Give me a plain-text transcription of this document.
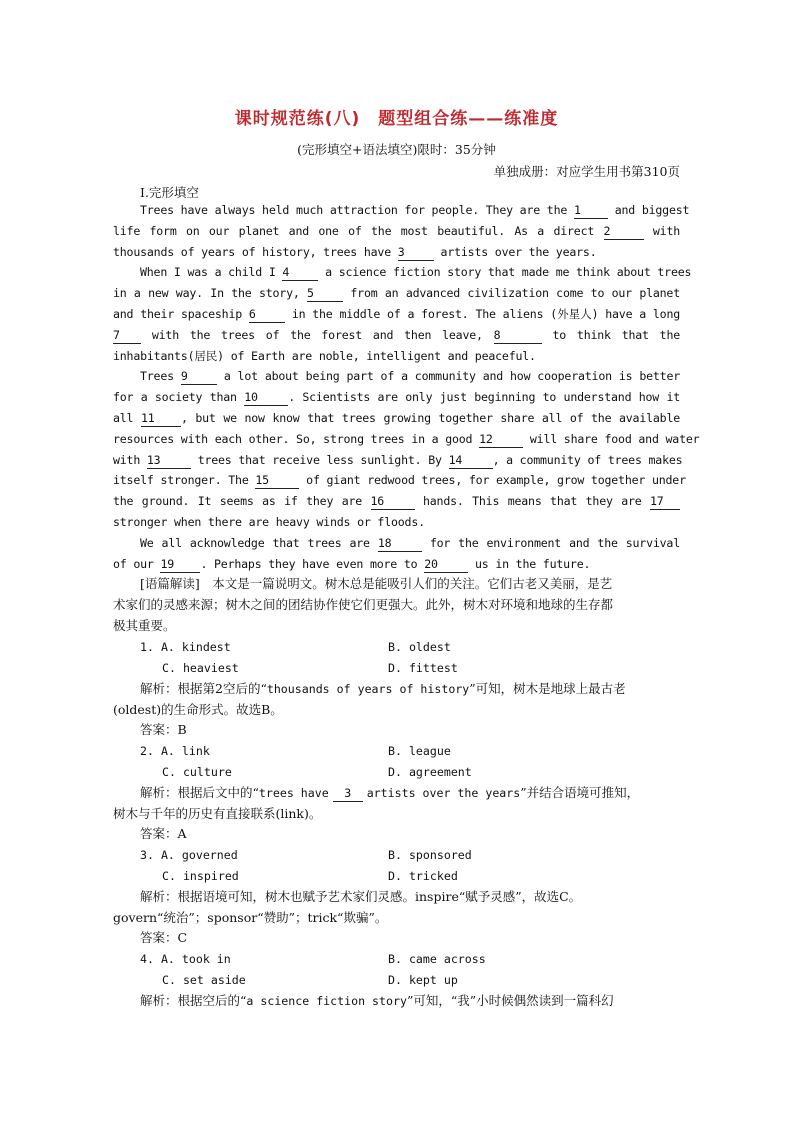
课时规范练(八)　题型组合练——练准度
(完形填空+语法填空)限时：35分钟
单独成册：对应学生用书第310页
Ⅰ.完形填空
Trees have always held much attraction for people. They are the 1	and biggest
life form on our planet and one of the most beautiful. As a direct 2	with
thousands of years of history, trees have 3	artists over the years.
When I was a child I 4	a science fiction story that made me think about trees
in a new way. In the story, 5	from an advanced civilization come to our planet
and their spaceship 6	in the middle of a forest. The aliens (外星人) have a long
7	with the trees of the forest and then leave, 8	to think that the
inhabitants(居民) of Earth are noble, intelligent and peaceful.
Trees 9	a lot about being part of a community and how cooperation is better
for a society than 10	. Scientists are only just beginning to understand how it
all 11 , but we now know that trees growing together share all of the available
resources with each other. So, strong trees in a good 12	will share food and water
with 13	trees that receive less sunlight. By 14	, a community of trees makes
itself stronger. The 15	of giant redwood trees, for example, grow together under
the ground. It seems as if they are 16	hands. This means that they are 17
stronger when there are heavy winds or floods.
We all acknowledge that trees are 18	for the environment and the survival
of our 19 . Perhaps they have even more to 20	us in the future.
[语篇解读]　本文是一篇说明文。树木总是能吸引人们的关注。它们古老又美丽，是艺
术家们的灵感来源；树木之间的团结协作使它们更强大。此外，树木对环境和地球的生存都
极其重要。
1. A. kindest	B. oldest
C. heaviest	D. fittest
解析：根据第2空后的“thousands of years of history”可知，树木是地球上最古老
(oldest)的生命形式。故选B。
答案：B
2. A. link	B. league
C. culture	D. agreement
解析：根据后文中的“trees have 3 artists over the years”并结合语境可推知，
树木与千年的历史有直接联系(link)。
答案：A
3. A. governed	B. sponsored
C. inspired	D. tricked
解析：根据语境可知，树木也赋予艺术家们灵感。inspire“赋予灵感”，故选C。
govern“统治”；sponsor“赞助”；trick“欺骗”。
答案：C
4. A. took in	B. came across
C. set aside	D. kept up
解析：根据空后的“a science fiction story”可知，“我”小时候偶然读到一篇科幻
